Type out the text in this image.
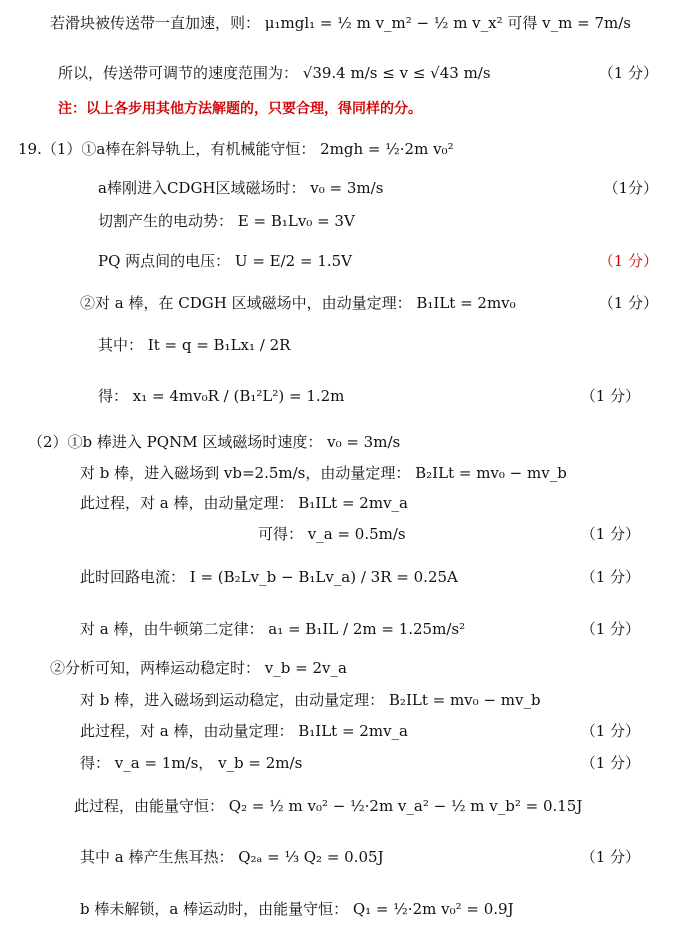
若滑块被传送带一直加速，则： μ₁mgl₁ = ½ m v_m² − ½ m v_x² 可得 v_m = 7m/s
所以，传送带可调节的速度范围为： √39.4 m/s ≤ v ≤ √43 m/s	（1 分）
注：以上各步用其他方法解题的，只要合理，得同样的分。
19.（1）①a棒在斜导轨上，有机械能守恒： 2mgh = ½·2m v₀²
a棒刚进入CDGH区域磁场时： v₀ = 3m/s	（1分）
切割产生的电动势： E = B₁Lv₀ = 3V
PQ 两点间的电压： U = E/2 = 1.5V	（1 分）
②对 a 棒，在 CDGH 区域磁场中，由动量定理： B₁ILt = 2mv₀	（1 分）
其中： It = q = B₁Lx₁ / 2R
得： x₁ = 4mv₀R / (B₁²L²) = 1.2m	（1 分）
（2）①b 棒进入 PQNM 区域磁场时速度： v₀ = 3m/s
对 b 棒，进入磁场到 vb=2.5m/s，由动量定理： B₂ILt = mv₀ − mv_b
此过程，对 a 棒，由动量定理： B₁ILt = 2mv_a
可得： v_a = 0.5m/s	（1 分）
此时回路电流： I = (B₂Lv_b − B₁Lv_a) / 3R = 0.25A	（1 分）
对 a 棒，由牛顿第二定律： a₁ = B₁IL / 2m = 1.25m/s²	（1 分）
②分析可知，两棒运动稳定时： v_b = 2v_a
对 b 棒，进入磁场到运动稳定，由动量定理： B₂ILt = mv₀ − mv_b
此过程，对 a 棒，由动量定理： B₁ILt = 2mv_a	（1 分）
得： v_a = 1m/s， v_b = 2m/s	（1 分）
此过程，由能量守恒： Q₂ = ½ m v₀² − ½·2m v_a² − ½ m v_b² = 0.15J
其中 a 棒产生焦耳热： Q₂ₐ = ⅓ Q₂ = 0.05J	（1 分）
b 棒未解锁，a 棒运动时，由能量守恒： Q₁ = ½·2m v₀² = 0.9J
